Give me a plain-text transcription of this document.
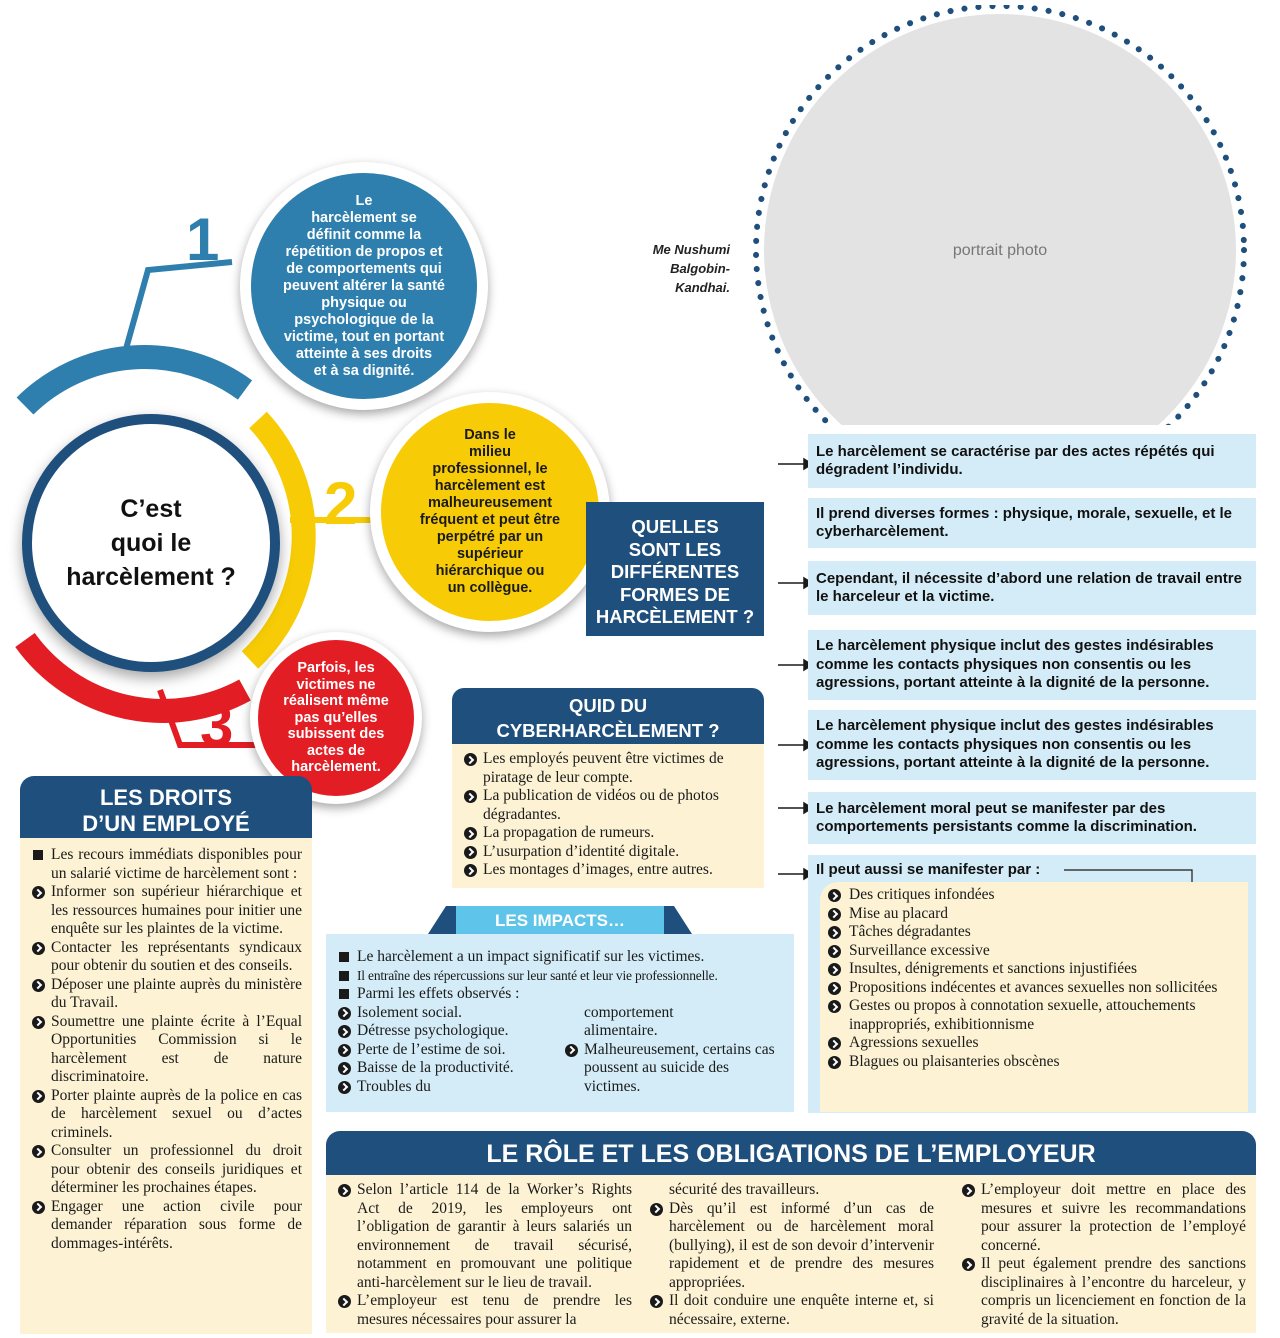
1
2
3
C’est
quoi le
harcèlement ?
Le
harcèlement se
définit comme la
répétition de propos et
de comportements qui
peuvent altérer la santé
physique ou
psychologique de la
victime, tout en portant
atteinte à ses droits
et à sa dignité.
Dans le
milieu
professionnel, le
harcèlement est
malheureusement
fréquent et peut être
perpétré par un
supérieur
hiérarchique ou
un collègue.
Parfois, les
victimes ne
réalisent même
pas qu’elles
subissent des
actes de
harcèlement.
portrait photo
Me Nushumi
Balgobin-
Kandhai.
QUELLES
SONT LES
DIFFÉRENTES
FORMES DE
HARCÈLEMENT ?
Le harcèlement se caractérise par des actes répétés qui dégradent l’individu.
Il prend diverses formes : physique, morale, sexuelle, et le cyberharcèlement.
Cependant, il nécessite d’abord une relation de travail entre le harceleur et la victime.
Le harcèlement physique inclut des gestes indésirables comme les contacts physiques non consentis ou les agressions, portant atteinte à la dignité de la personne.
Le harcèlement physique inclut des gestes indésirables comme les contacts physiques non consentis ou les agressions, portant atteinte à la dignité de la personne.
Le harcèlement moral peut se manifester par des comportements persistants comme la discrimination.
Il peut aussi se manifester par :
Des critiques infondées
Mise au placard
Tâches dégradantes
Surveillance excessive
Insultes, dénigrements et sanctions injustifiées
Propositions indécentes et avances sexuelles non sollicitées
Gestes ou propos à connotation sexuelle, attouchements inappropriés, exhibitionnisme
Agressions sexuelles
Blagues ou plaisanteries obscènes
QUID DU
CYBERHARCÈLEMENT ?
Les employés peuvent être victimes de piratage de leur compte.
La publication de vidéos ou de photos dégradantes.
La propagation de rumeurs.
L’usurpation d’identité digitale.
Les montages d’images, entre autres.
LES IMPACTS…
Le harcèlement a un impact significatif sur les victimes.
Il entraîne des répercussions sur leur santé et leur vie professionnelle.
Parmi les effets observés :
Isolement social.
Détresse psychologique.
Perte de l’estime de soi.
Baisse de la productivité.
Troubles du
comportement alimentaire.
Malheureusement, certains cas poussent au suicide des victimes.
LES DROITS
D’UN EMPLOYÉ
Les recours immédiats disponibles pour un salarié victime de harcèlement sont :
Informer son supérieur hiérarchique et les ressources humaines pour initier une enquête sur les plaintes de la victime.
Contacter les représentants syndicaux pour obtenir du soutien et des conseils.
Déposer une plainte auprès du ministère du Travail.
Soumettre une plainte écrite à l’Equal Opportunities Commission si le harcèlement est de nature discriminatoire.
Porter plainte auprès de la police en cas de harcèlement sexuel ou d’actes criminels.
Consulter un professionnel du droit pour obtenir des conseils juridiques et déterminer les prochaines étapes.
Engager une action civile pour demander réparation sous forme de dommages-intérêts.
LE RÔLE ET LES OBLIGATIONS DE L’EMPLOYEUR
Selon l’article 114 de la Worker’s Rights Act de 2019, les employeurs ont l’obligation de garantir à leurs salariés un environnement de travail sécurisé, notamment en promouvant une politique anti-harcèlement sur le lieu de travail.
L’employeur est tenu de prendre les mesures nécessaires pour assurer la
sécurité des travailleurs.
Dès qu’il est informé d’un cas de harcèlement ou de harcèlement moral (bullying), il est de son devoir d’intervenir rapidement et de prendre des mesures appropriées.
Il doit conduire une enquête interne et, si nécessaire, externe.
L’employeur doit mettre en place des mesures et suivre les recommandations pour assurer la protection de l’employé concerné.
Il peut également prendre des sanctions disciplinaires à l’encontre du harceleur, y compris un licenciement en fonction de la gravité de la situation.
